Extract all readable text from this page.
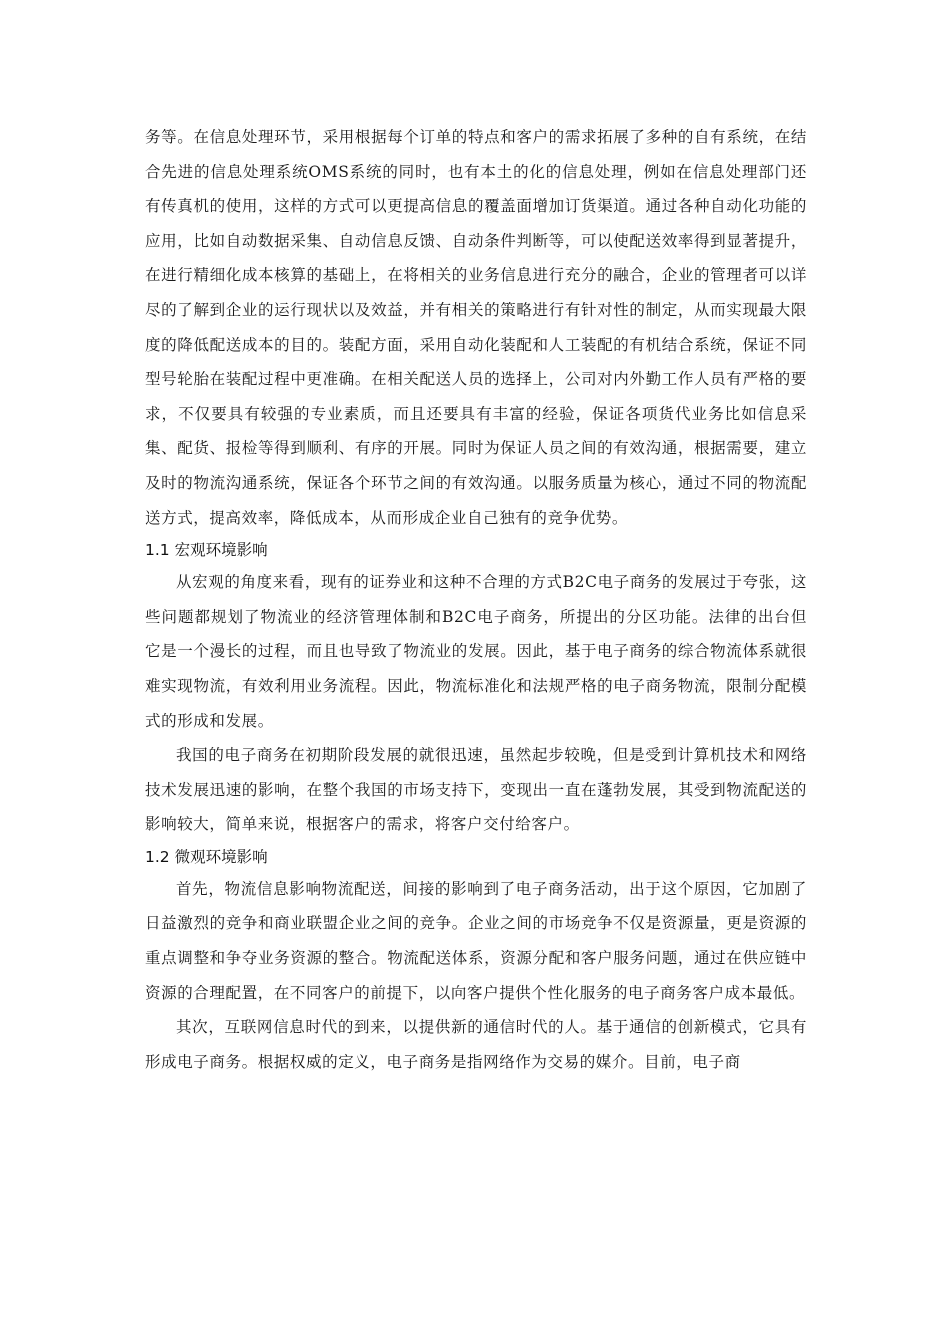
务等。在信息处理环节，采用根据每个订单的特点和客户的需求拓展了多种的自有系统，在结合先进的信息处理系统OMS系统的同时，也有本土的化的信息处理，例如在信息处理部门还有传真机的使用，这样的方式可以更提高信息的覆盖面增加订货渠道。通过各种自动化功能的应用，比如自动数据采集、自动信息反馈、自动条件判断等，可以使配送效率得到显著提升，在进行精细化成本核算的基础上，在将相关的业务信息进行充分的融合，企业的管理者可以详尽的了解到企业的运行现状以及效益，并有相关的策略进行有针对性的制定，从而实现最大限度的降低配送成本的目的。装配方面，采用自动化装配和人工装配的有机结合系统，保证不同型号轮胎在装配过程中更准确。在相关配送人员的选择上，公司对内外勤工作人员有严格的要求，不仅要具有较强的专业素质，而且还要具有丰富的经验，保证各项货代业务比如信息采集、配货、报检等得到顺利、有序的开展。同时为保证人员之间的有效沟通，根据需要，建立及时的物流沟通系统，保证各个环节之间的有效沟通。以服务质量为核心，通过不同的物流配送方式，提高效率，降低成本，从而形成企业自己独有的竞争优势。

1.1 宏观环境影响

从宏观的角度来看，现有的证券业和这种不合理的方式B2C电子商务的发展过于夸张，这些问题都规划了物流业的经济管理体制和B2C电子商务，所提出的分区功能。法律的出台但它是一个漫长的过程，而且也导致了物流业的发展。因此，基于电子商务的综合物流体系就很难实现物流，有效利用业务流程。因此，物流标准化和法规严格的电子商务物流，限制分配模式的形成和发展。

我国的电子商务在初期阶段发展的就很迅速，虽然起步较晚，但是受到计算机技术和网络技术发展迅速的影响，在整个我国的市场支持下，变现出一直在蓬勃发展，其受到物流配送的影响较大，简单来说，根据客户的需求，将客户交付给客户。

1.2 微观环境影响

首先，物流信息影响物流配送，间接的影响到了电子商务活动，出于这个原因，它加剧了日益激烈的竞争和商业联盟企业之间的竞争。企业之间的市场竞争不仅是资源量，更是资源的重点调整和争夺业务资源的整合。物流配送体系，资源分配和客户服务问题，通过在供应链中资源的合理配置，在不同客户的前提下，以向客户提供个性化服务的电子商务客户成本最低。

其次，互联网信息时代的到来，以提供新的通信时代的人。基于通信的创新模式，它具有形成电子商务。根据权威的定义，电子商务是指网络作为交易的媒介。目前，电子商
